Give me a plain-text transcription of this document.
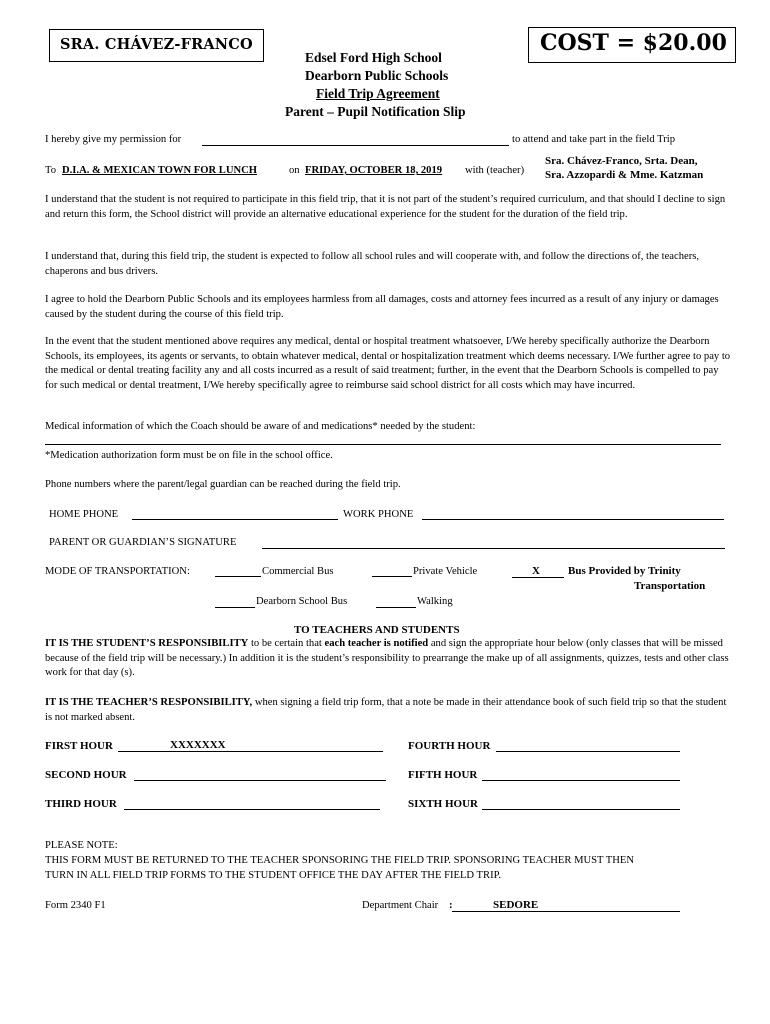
SRA. CHÁVEZ-FRANCO	COST = $20.00
Edsel Ford High School
Dearborn Public Schools
Field Trip Agreement
Parent – Pupil Notification Slip
I hereby give my permission for	to attend and take part in the field Trip
To D.I.A. & MEXICAN TOWN FOR LUNCH	on FRIDAY, OCTOBER 18, 2019 with (teacher)
Sra. Chávez-Franco, Srta. Dean,
Sra. Azzopardi & Mme. Katzman
I understand that the student is not required to participate in this field trip, that it is not part of the student’s required curriculum, and that should I decline to sign and return this form, the School district will provide an alternative educational experience for the student for the duration of the field trip.
I understand that, during this field trip, the student is expected to follow all school rules and will cooperate with, and follow the directions of, the teachers, chaperons and bus drivers.
I agree to hold the Dearborn Public Schools and its employees harmless from all damages, costs and attorney fees incurred as a result of any injury or damages caused by the student during the course of this field trip.
In the event that the student mentioned above requires any medical, dental or hospital treatment whatsoever, I/We hereby specifically authorize the Dearborn Schools, its employees, its agents or servants, to obtain whatever medical, dental or hospitalization treatment which deems necessary. I/We further agree to pay to the medical or dental treating facility any and all costs incurred as a result of said treatment; further, in the event that the Dearborn Schools is compelled to pay for such medical or dental treatment, I/We hereby specifically agree to reimburse said school district for all costs which may have incurred.
Medical information of which the Coach should be aware of and medications* needed by the student:
*Medication authorization form must be on file in the school office.
Phone numbers where the parent/legal guardian can be reached during the field trip.
HOME PHONE	WORK PHONE
PARENT OR GUARDIAN’S SIGNATURE
MODE OF TRANSPORTATION:	Commercial Bus	Private Vehicle	X	Bus Provided by Trinity
Transportation
Dearborn School Bus	Walking
TO TEACHERS AND STUDENTS
IT IS THE STUDENT’S RESPONSIBILITY to be certain that each teacher is notified and sign the appropriate hour below (only classes that will be missed because of the field trip will be necessary.) In addition it is the student’s responsibility to prearrange the make up of all assignments, quizzes, tests and other class work for that day (s).
IT IS THE TEACHER’S RESPONSIBILITY, when signing a field trip form, that a note be made in their attendance book of such field trip so that the student is not marked absent.
FIRST HOUR	XXXXXXX	FOURTH HOUR
SECOND HOUR	FIFTH HOUR
THIRD HOUR	SIXTH HOUR
PLEASE NOTE:
THIS FORM MUST BE RETURNED TO THE TEACHER SPONSORING THE FIELD TRIP. SPONSORING TEACHER MUST THEN
TURN IN ALL FIELD TRIP FORMS TO THE STUDENT OFFICE THE DAY AFTER THE FIELD TRIP.
Form 2340 F1	Department Chair :	SEDORE
